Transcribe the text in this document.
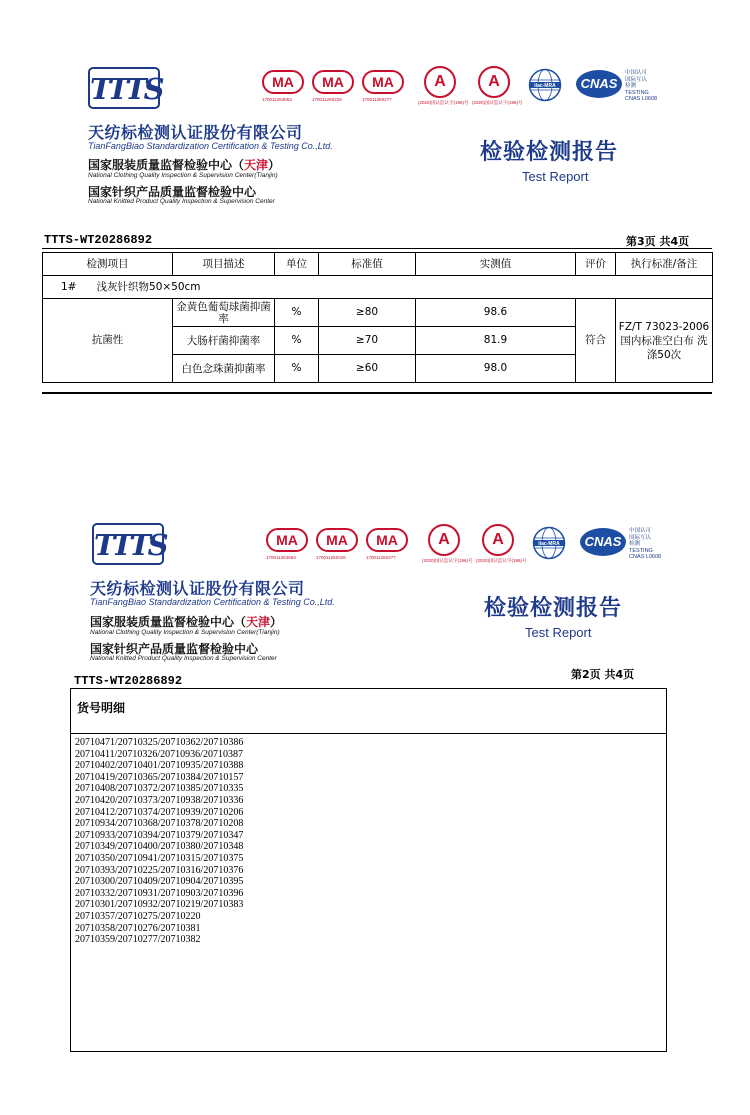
TTTS	MA
170011263653
MA
170011260226
MA
170011260277
A
(2020)国认监认字(196)号
A
(2020)国认监认字(196)号
ilac-MRA	CNAS
中国认可
国际互认
检测
TESTING
CNAS L0608
天纺标检测认证股份有限公司
TianFangBiao Standardization Certification & Testing Co.,Ltd.
国家服装质量监督检验中心（天津）
National Clothing Quality Inspection & Supervision Center(Tianjin)
国家针织产品质量监督检验中心
National Knitted Product Quality Inspection & Supervision Center
检验检测报告
Test Report
TTTS-WT20286892	第3页 共4页
检测项目	项目描述	单位	标准值	实测值	评价	执行标准/备注
1# 浅灰针织物50×50cm						
抗菌性	金黄色葡萄球菌抑菌率	%	≥80	98.6	符合	FZ/T 73023-2006 国内标准空白布 洗涤50次
	大肠杆菌抑菌率	%	≥70	81.9		
	白色念珠菌抑菌率	%	≥60	98.0		
TTTS	MA
170011263653
MA
170011260226
MA
170011260277
A
(2020)国认监认字(196)号
A
(2020)国认监认字(196)号
ilac-MRA	CNAS
中国认可
国际互认
检测
TESTING
CNAS L0608
天纺标检测认证股份有限公司
TianFangBiao Standardization Certification & Testing Co.,Ltd.
国家服装质量监督检验中心（天津）
National Clothing Quality Inspection & Supervision Center(Tianjin)
国家针织产品质量监督检验中心
National Knitted Product Quality Inspection & Supervision Center
检验检测报告
Test Report
第2页 共4页
TTTS-WT20286892
货号明细
20710471/20710325/20710362/20710386
20710411/20710326/20710936/20710387
20710402/20710401/20710935/20710388
20710419/20710365/20710384/20710157
20710408/20710372/20710385/20710335
20710420/20710373/20710938/20710336
20710412/20710374/20710939/20710206
20710934/20710368/20710378/20710208
20710933/20710394/20710379/20710347
20710349/20710400/20710380/20710348
20710350/20710941/20710315/20710375
20710393/20710225/20710316/20710376
20710300/20710409/20710904/20710395
20710332/20710931/20710903/20710396
20710301/20710932/20710219/20710383
20710357/20710275/20710220
20710358/20710276/20710381
20710359/20710277/20710382
